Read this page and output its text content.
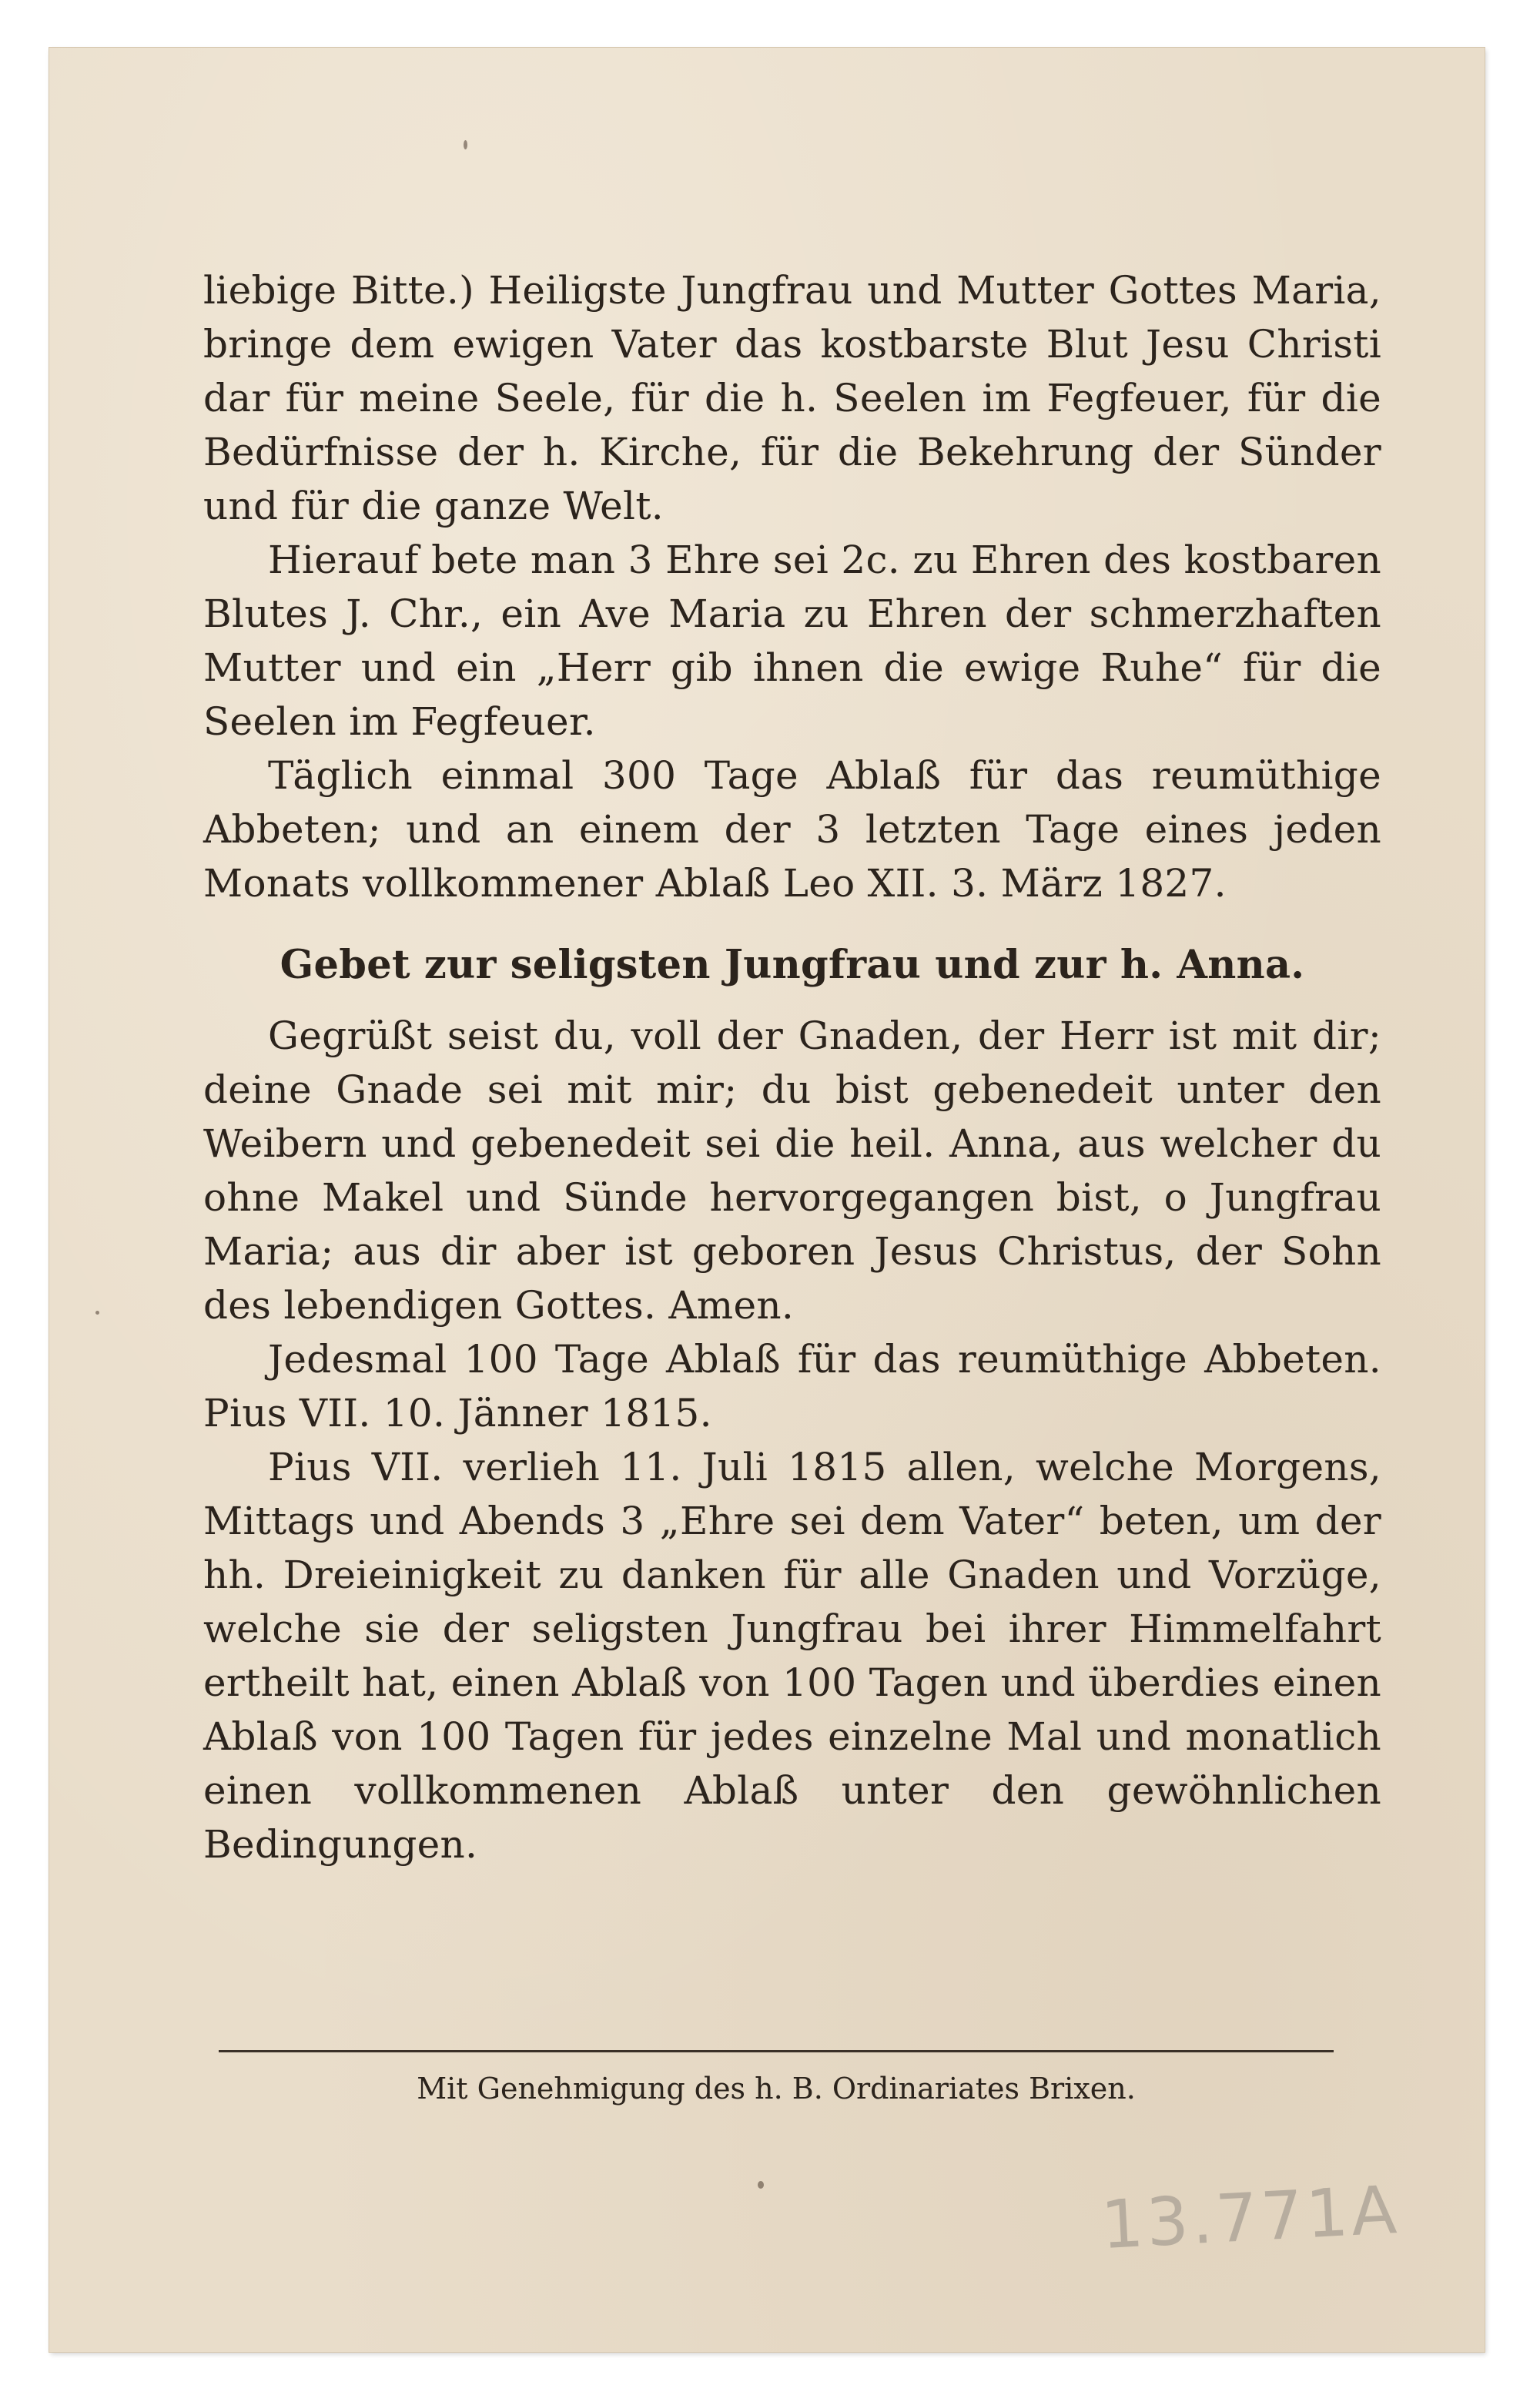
liebige Bitte.) Heiligste Jungfrau und Mutter Gottes Maria, bringe dem ewigen Vater das kostbarste Blut Jesu Christi dar für meine Seele, für die h. Seelen im Fegfeuer, für die Bedürfnisse der h. Kirche, für die Bekehrung der Sünder und für die ganze Welt.

Hierauf bete man 3 Ehre sei 2c. zu Ehren des kostbaren Blutes J. Chr., ein Ave Maria zu Ehren der schmerzhaften Mutter und ein „Herr gib ihnen die ewige Ruhe“ für die Seelen im Fegfeuer.

Täglich einmal 300 Tage Ablaß für das reumüthige Abbeten; und an einem der 3 letzten Tage eines jeden Monats vollkommener Ablaß Leo XII. 3. März 1827.

Gebet zur seligsten Jungfrau und zur h. Anna.

Gegrüßt seist du, voll der Gnaden, der Herr ist mit dir; deine Gnade sei mit mir; du bist gebenedeit unter den Weibern und gebenedeit sei die heil. Anna, aus welcher du ohne Makel und Sünde hervorgegangen bist, o Jungfrau Maria; aus dir aber ist geboren Jesus Christus, der Sohn des lebendigen Gottes. Amen.

Jedesmal 100 Tage Ablaß für das reumüthige Abbeten. Pius VII. 10. Jänner 1815.

Pius VII. verlieh 11. Juli 1815 allen, welche Morgens, Mittags und Abends 3 „Ehre sei dem Vater“ beten, um der hh. Dreieinigkeit zu danken für alle Gnaden und Vorzüge, welche sie der seligsten Jungfrau bei ihrer Himmelfahrt ertheilt hat, einen Ablaß von 100 Tagen und überdies einen Ablaß von 100 Tagen für jedes einzelne Mal und monatlich einen vollkommenen Ablaß unter den gewöhnlichen Bedingungen.

Mit Genehmigung des h. B. Ordinariates Brixen.
13.771A
